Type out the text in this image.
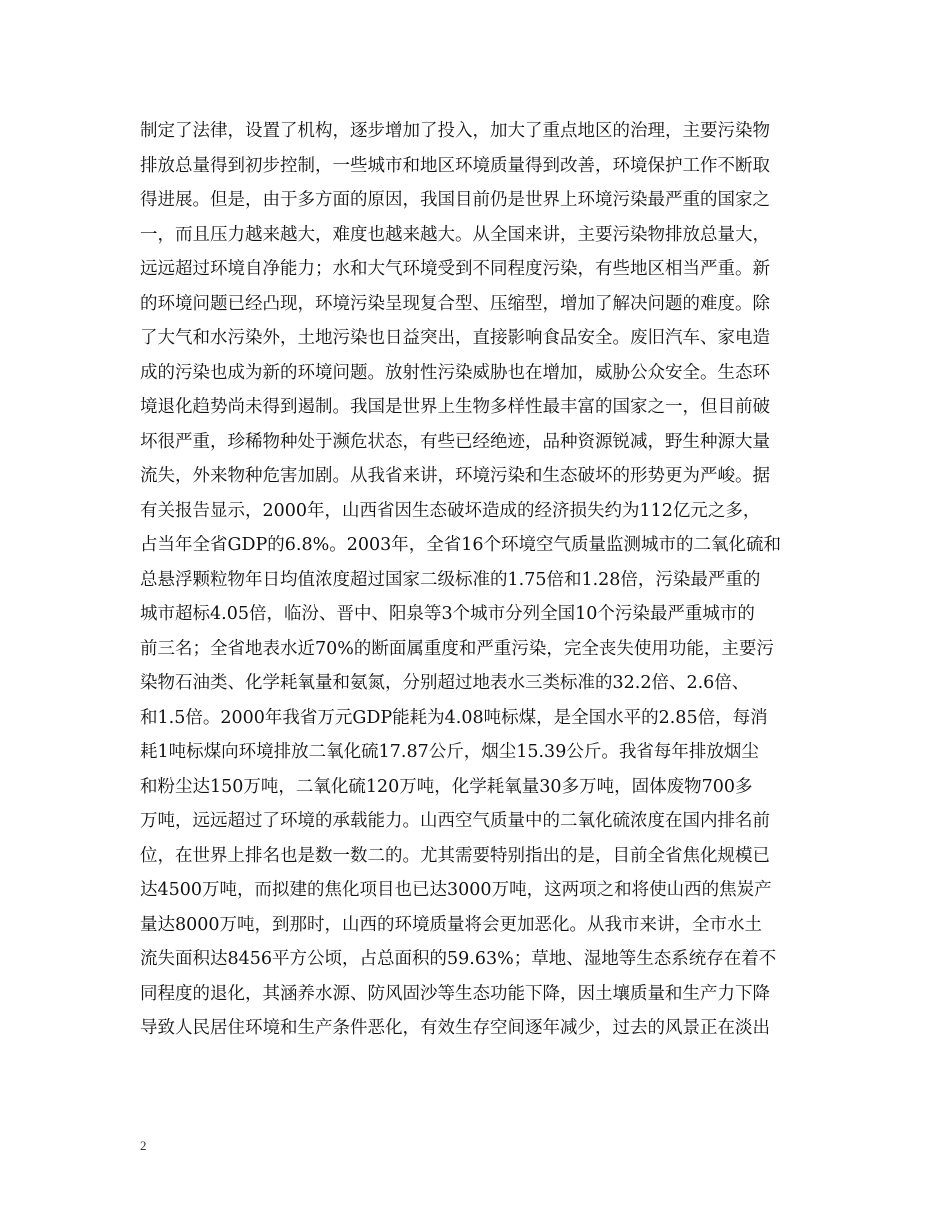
制定了法律，设置了机构，逐步增加了投入，加大了重点地区的治理，主要污染物
排放总量得到初步控制，一些城市和地区环境质量得到改善，环境保护工作不断取
得进展。但是，由于多方面的原因，我国目前仍是世界上环境污染最严重的国家之
一，而且压力越来越大，难度也越来越大。从全国来讲，主要污染物排放总量大，
远远超过环境自净能力；水和大气环境受到不同程度污染，有些地区相当严重。新
的环境问题已经凸现，环境污染呈现复合型、压缩型，增加了解决问题的难度。除
了大气和水污染外，土地污染也日益突出，直接影响食品安全。废旧汽车、家电造
成的污染也成为新的环境问题。放射性污染威胁也在增加，威胁公众安全。生态环
境退化趋势尚未得到遏制。我国是世界上生物多样性最丰富的国家之一，但目前破
坏很严重，珍稀物种处于濒危状态，有些已经绝迹，品种资源锐减，野生种源大量
流失，外来物种危害加剧。从我省来讲，环境污染和生态破坏的形势更为严峻。据
有关报告显示，2000年，山西省因生态破坏造成的经济损失约为112亿元之多，
占当年全省GDP的6.8%。2003年，全省16个环境空气质量监测城市的二氧化硫和
总悬浮颗粒物年日均值浓度超过国家二级标准的1.75倍和1.28倍，污染最严重的
城市超标4.05倍，临汾、晋中、阳泉等3个城市分列全国10个污染最严重城市的
前三名；全省地表水近70%的断面属重度和严重污染，完全丧失使用功能，主要污
染物石油类、化学耗氧量和氨氮，分别超过地表水三类标准的32.2倍、2.6倍、
和1.5倍。2000年我省万元GDP能耗为4.08吨标煤，是全国水平的2.85倍，每消
耗1吨标煤向环境排放二氧化硫17.87公斤，烟尘15.39公斤。我省每年排放烟尘
和粉尘达150万吨，二氧化硫120万吨，化学耗氧量30多万吨，固体废物700多
万吨，远远超过了环境的承载能力。山西空气质量中的二氧化硫浓度在国内排名前
位，在世界上排名也是数一数二的。尤其需要特别指出的是，目前全省焦化规模已
达4500万吨，而拟建的焦化项目也已达3000万吨，这两项之和将使山西的焦炭产
量达8000万吨，到那时，山西的环境质量将会更加恶化。从我市来讲，全市水土
流失面积达8456平方公顷，占总面积的59.63%；草地、湿地等生态系统存在着不
同程度的退化，其涵养水源、防风固沙等生态功能下降，因土壤质量和生产力下降
导致人民居住环境和生产条件恶化，有效生存空间逐年减少，过去的风景正在淡出
2
